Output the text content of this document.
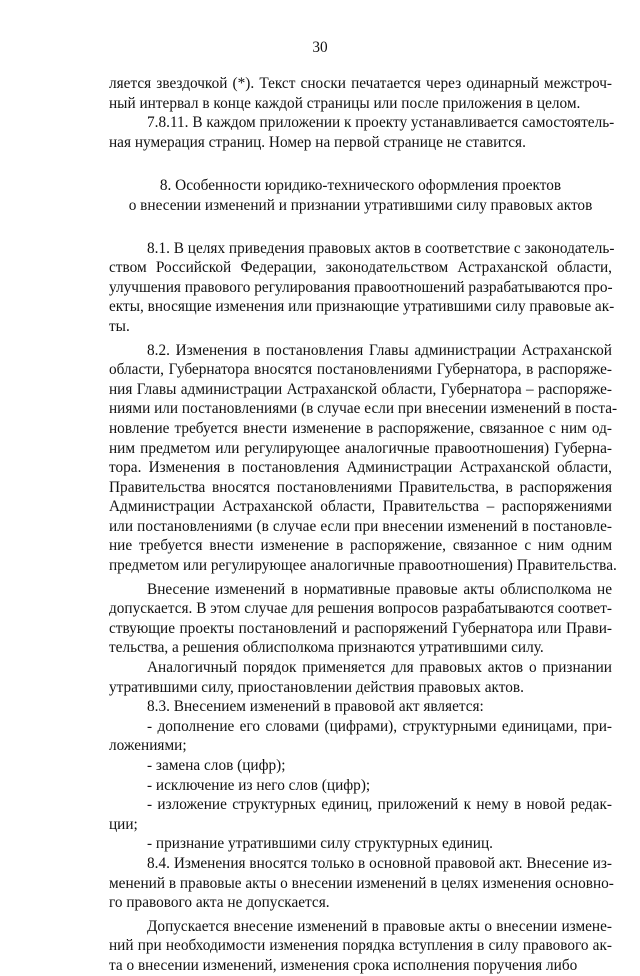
30
ляется звездочкой (*). Текст сноски печатается через одинарный межстроч-
ный интервал в конце каждой страницы или после приложения в целом.
7.8.11. В каждом приложении к проекту устанавливается самостоятель-
ная нумерация страниц. Номер на первой странице не ставится.
8. Особенности юридико-технического оформления проектов
о внесении изменений и признании утратившими силу правовых актов
8.1. В целях приведения правовых актов в соответствие с законодатель-
ством Российской Федерации, законодательством Астраханской области,
улучшения правового регулирования правоотношений разрабатываются про-
екты, вносящие изменения или признающие утратившими силу правовые ак-
ты.
8.2. Изменения в постановления Главы администрации Астраханской
области, Губернатора вносятся постановлениями Губернатора, в распоряже-
ния Главы администрации Астраханской области, Губернатора – распоряже-
ниями или постановлениями (в случае если при внесении изменений в поста-
новление требуется внести изменение в распоряжение, связанное с ним од-
ним предметом или регулирующее аналогичные правоотношения) Губерна-
тора. Изменения в постановления Администрации Астраханской области,
Правительства вносятся постановлениями Правительства, в распоряжения
Администрации Астраханской области, Правительства – распоряжениями
или постановлениями (в случае если при внесении изменений в постановле-
ние требуется внести изменение в распоряжение, связанное с ним одним
предметом или регулирующее аналогичные правоотношения) Правительства.
Внесение изменений в нормативные правовые акты облисполкома не
допускается. В этом случае для решения вопросов разрабатываются соответ-
ствующие проекты постановлений и распоряжений Губернатора или Прави-
тельства, а решения облисполкома признаются утратившими силу.
Аналогичный порядок применяется для правовых актов о признании
утратившими силу, приостановлении действия правовых актов.
8.3. Внесением изменений в правовой акт является:
- дополнение его словами (цифрами), структурными единицами, при-
ложениями;
- замена слов (цифр);
- исключение из него слов (цифр);
- изложение структурных единиц, приложений к нему в новой редак-
ции;
- признание утратившими силу структурных единиц.
8.4. Изменения вносятся только в основной правовой акт. Внесение из-
менений в правовые акты о внесении изменений в целях изменения основно-
го правового акта не допускается.
Допускается внесение изменений в правовые акты о внесении измене-
ний при необходимости изменения порядка вступления в силу правового ак-
та о внесении изменений, изменения срока исполнения поручения либо
